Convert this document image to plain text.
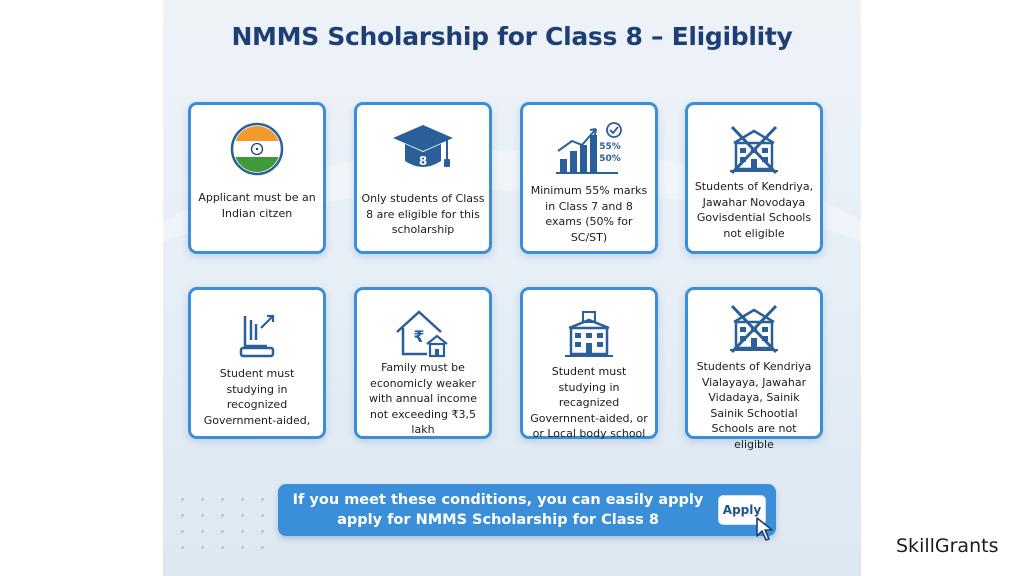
NMMS Scholarship for Class 8 – Eligiblity
Applicant must be an Indian citzen
8
Only students of Class 8 are eligible for this scholarship
55%
50%
Minimum 55% marks in Class 7 and 8 exams (50% for SC/ST)
Students of Kendriya, Jawahar Novodaya Govisdential Schools not eligible
Student must studying in recognized Government-aided,
₹
Family must be economicly weaker with annual income not exceeding ₹3,5 lakh
Student must studying in recagnized Governnent-aided, or or Local body school
Students of Kendriya Vialayaya, Jawahar Vidadaya, Sainik Sainik Schootial Schools are not eligible
If you meet these conditions, you can easily apply
apply for NMMS Scholarship for Class 8
Apply
SkillGrants
